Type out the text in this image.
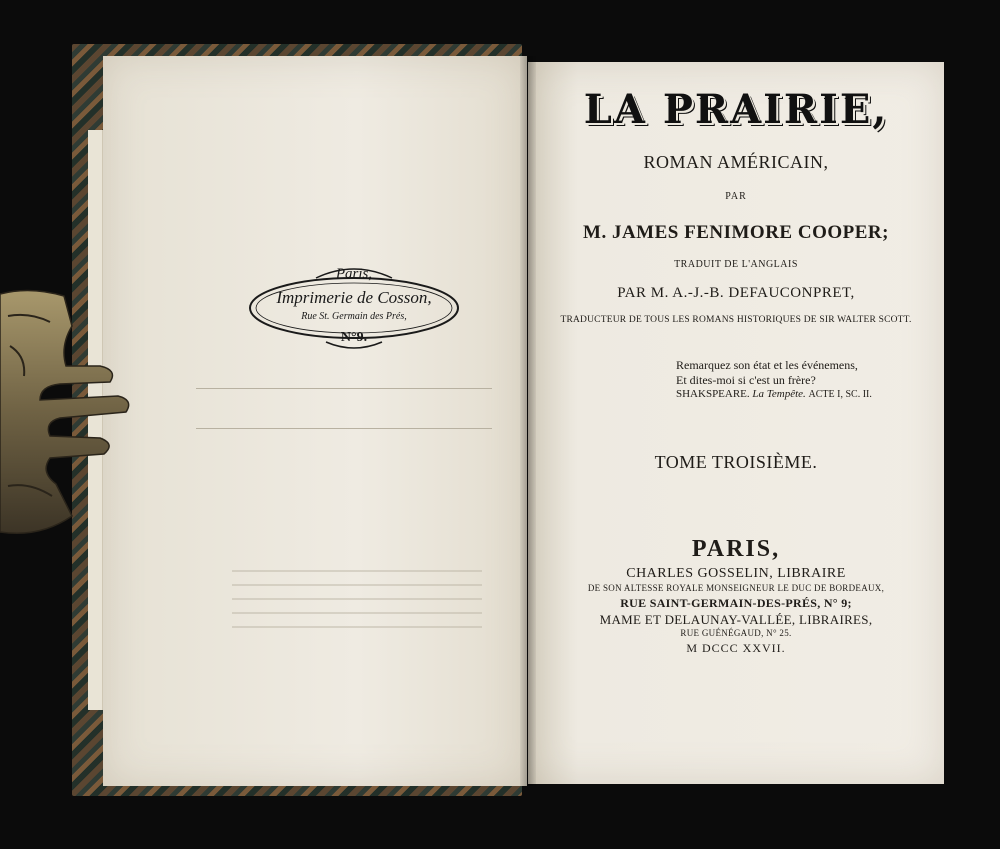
Paris,
Imprimerie de Cosson,
Rue St. Germain des Prés,
N°9.
LA PRAIRIE,
ROMAN AMÉRICAIN,
PAR
M. JAMES FENIMORE COOPER;
TRADUIT DE L'ANGLAIS
PAR M. A.-J.-B. DEFAUCONPRET,
TRADUCTEUR DE TOUS LES ROMANS HISTORIQUES DE SIR WALTER SCOTT.
Remarquez son état et les événemens,
Et dites-moi si c'est un frère?
SHAKSPEARE. La Tempête. ACTE I, SC. II.
TOME TROISIÈME.
PARIS,
CHARLES GOSSELIN, LIBRAIRE
DE SON ALTESSE ROYALE MONSEIGNEUR LE DUC DE BORDEAUX,
RUE SAINT-GERMAIN-DES-PRÉS, N° 9;
MAME ET DELAUNAY-VALLÉE, LIBRAIRES,
RUE GUÉNÉGAUD, N° 25.
M DCCC XXVII.
